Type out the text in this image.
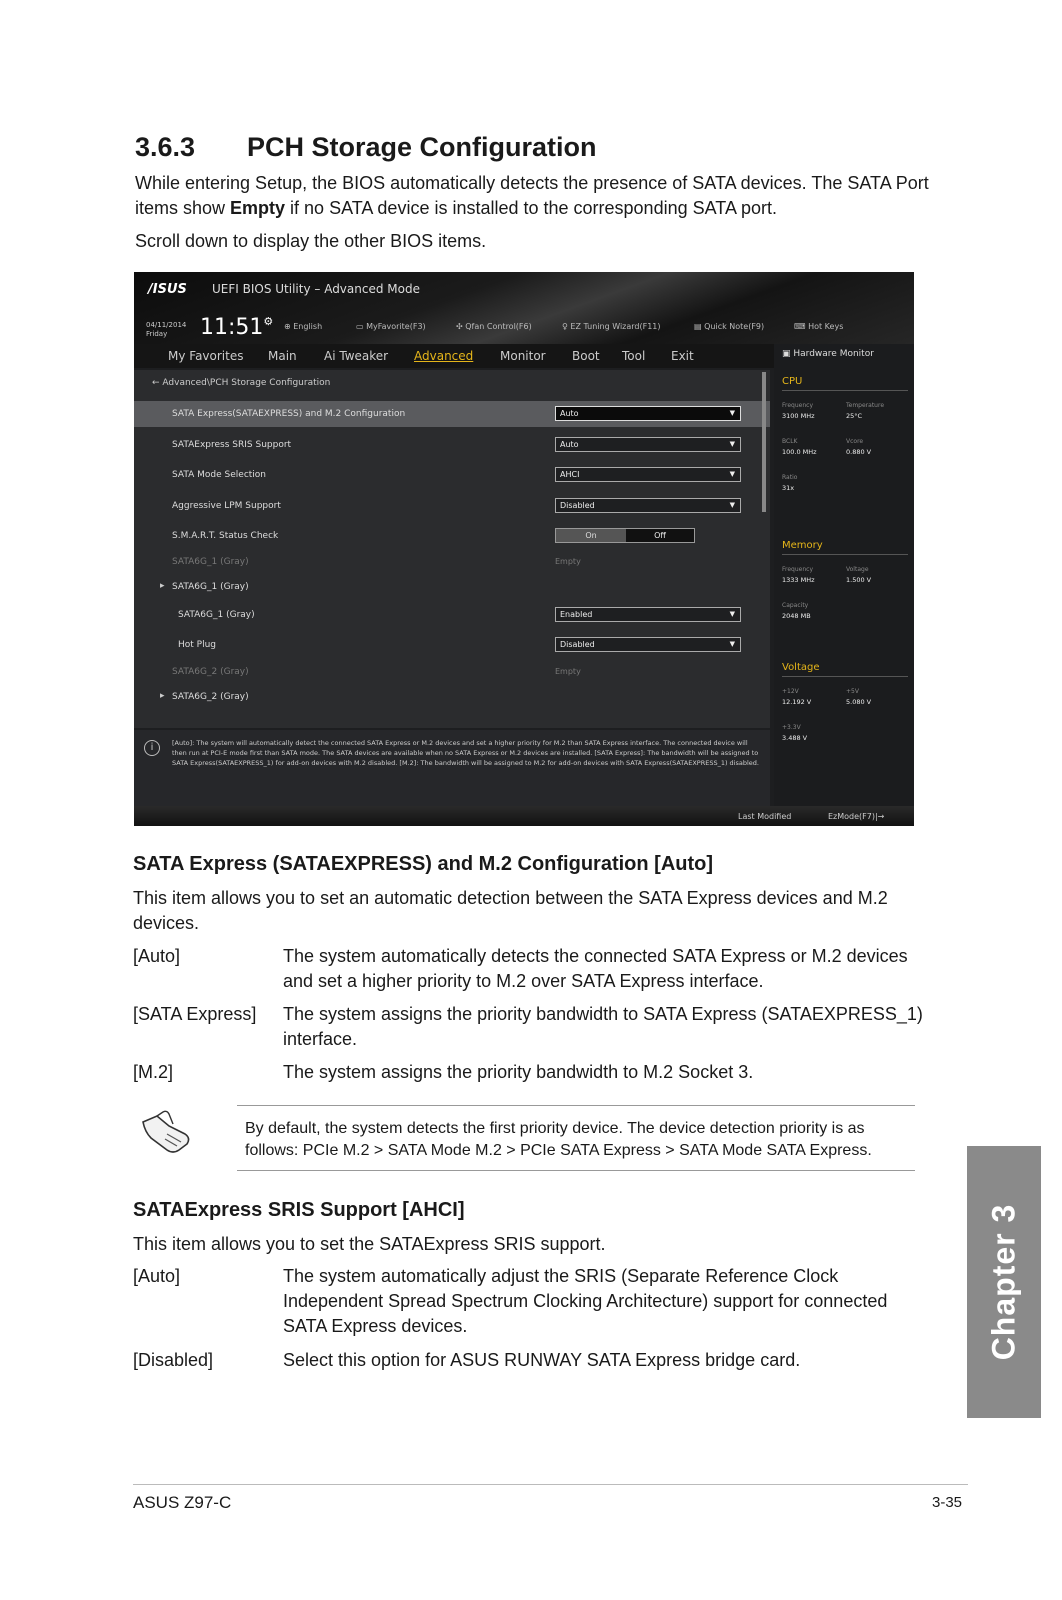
3.6.3 PCH Storage Configuration

While entering Setup, the BIOS automatically detects the presence of SATA devices. The SATA Port items show Empty if no SATA device is installed to the corresponding SATA port.

Scroll down to display the other BIOS items.

/ISUS UEFI BIOS Utility – Advanced Mode
04/11/2014
Friday	11:51⚙ ⊕ English	▭ MyFavorite(F3)	✣ Qfan Control(F6)	♀ EZ Tuning Wizard(F11)	▤ Quick Note(F9)	⌨ Hot Keys
My Favorites Main Ai Tweaker Advanced Monitor Boot Tool Exit
← Advanced\PCH Storage Configuration
SATA Express(SATAEXPRESS) and M.2 Configuration	Auto	▼
SATAExpress SRIS Support	Auto	▼
SATA Mode Selection	AHCI	▼
Aggressive LPM Support	Disabled	▼
S.M.A.R.T. Status Check	On	Off
SATA6G_1 (Gray)	Empty
▸ SATA6G_1 (Gray)
SATA6G_1 (Gray)	Enabled	▼
Hot Plug	Disabled	▼
SATA6G_2 (Gray)	Empty
▸ SATA6G_2 (Gray)
▣ Hardware Monitor
CPU
Frequency	Temperature
3100 MHz	25°C
BCLK	Vcore
100.0 MHz	0.880 V
Ratio
31x
Memory
Frequency	Voltage
1333 MHz	1.500 V
Capacity
2048 MB
Voltage
+12V	+5V
12.192 V	5.080 V
+3.3V
3.488 V
i	[Auto]: The system will automatically detect the connected SATA Express or M.2 devices and set a higher priority for M.2 than SATA Express interface. The connected device will then run at PCI-E mode first than SATA mode. The SATA devices are available when no SATA Express or M.2 devices are installed. [SATA Express]: The bandwidth will be assigned to SATA Express(SATAEXPRESS_1) for add-on devices with M.2 disabled. [M.2]: The bandwidth will be assigned to M.2 for add-on devices with SATA Express(SATAEXPRESS_1) disabled.
Last Modified	EzMode(F7)|→
SATA Express (SATAEXPRESS) and M.2 Configuration [Auto]

This item allows you to set an automatic detection between the SATA Express devices and M.2 devices.

[Auto]	The system automatically detects the connected SATA Express or M.2 devices and set a higher priority to M.2 over SATA Express interface.
[SATA Express] The system assigns the priority bandwidth to SATA Express (SATAEXPRESS_1) interface.
[M.2]	The system assigns the priority bandwidth to M.2 Socket 3.
By default, the system detects the first priority device. The device detection priority is as follows: PCIe M.2 > SATA Mode M.2 > PCIe SATA Express > SATA Mode SATA Express.
SATAExpress SRIS Support [AHCI]

This item allows you to set the SATAExpress SRIS support.

[Auto]	The system automatically adjust the SRIS (Separate Reference Clock Independent Spread Spectrum Clocking Architecture) support for connected SATA Express devices.
[Disabled]	Select this option for ASUS RUNWAY SATA Express bridge card.	Chapter 3
ASUS Z97-C	3-35
